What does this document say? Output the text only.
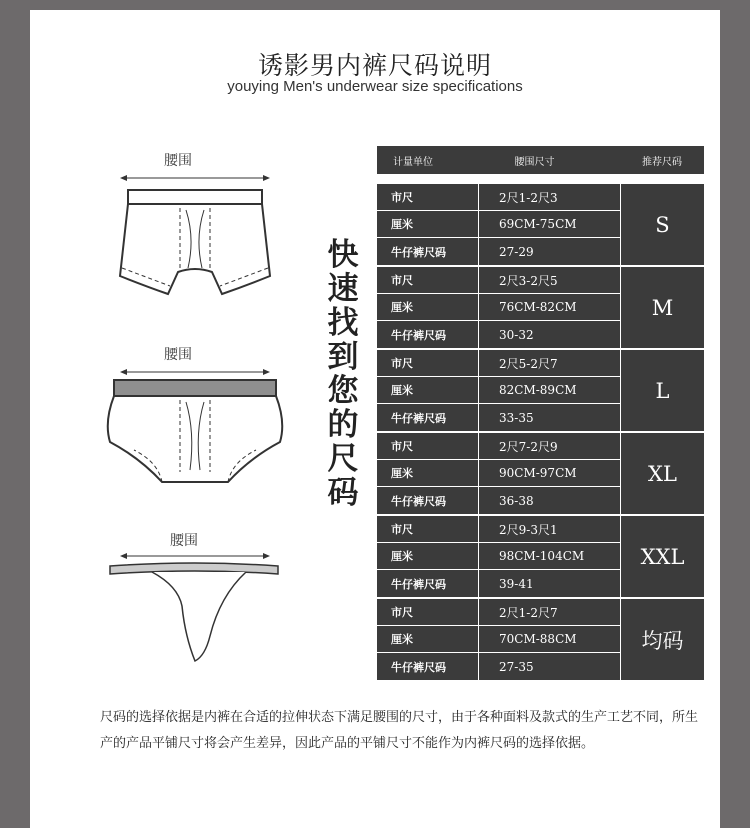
诱影男内裤尺码说明
youying Men's underwear size specifications
腰围
腰围
腰围
快
速
找
到
您
的
尺
码
计量单位	腰围尺寸	推荐尺码
市尺	2尺1-2尺3
厘米	69CM-75CM
牛仔裤尺码	27-29
S
市尺	2尺3-2尺5
厘米	76CM-82CM
牛仔裤尺码	30-32
M
市尺	2尺5-2尺7
厘米	82CM-89CM
牛仔裤尺码	33-35
L
市尺	2尺7-2尺9
厘米	90CM-97CM
牛仔裤尺码	36-38
XL
市尺	2尺9-3尺1
厘米	98CM-104CM
牛仔裤尺码	39-41
XXL
市尺	2尺1-2尺7
厘米	70CM-88CM
牛仔裤尺码	27-35
均码
尺码的选择依据是内裤在合适的拉伸状态下满足腰围的尺寸，由于各种面料及款式的生产工艺不同，所生产的产品平铺尺寸将会产生差异，因此产品的平铺尺寸不能作为内裤尺码的选择依据。
